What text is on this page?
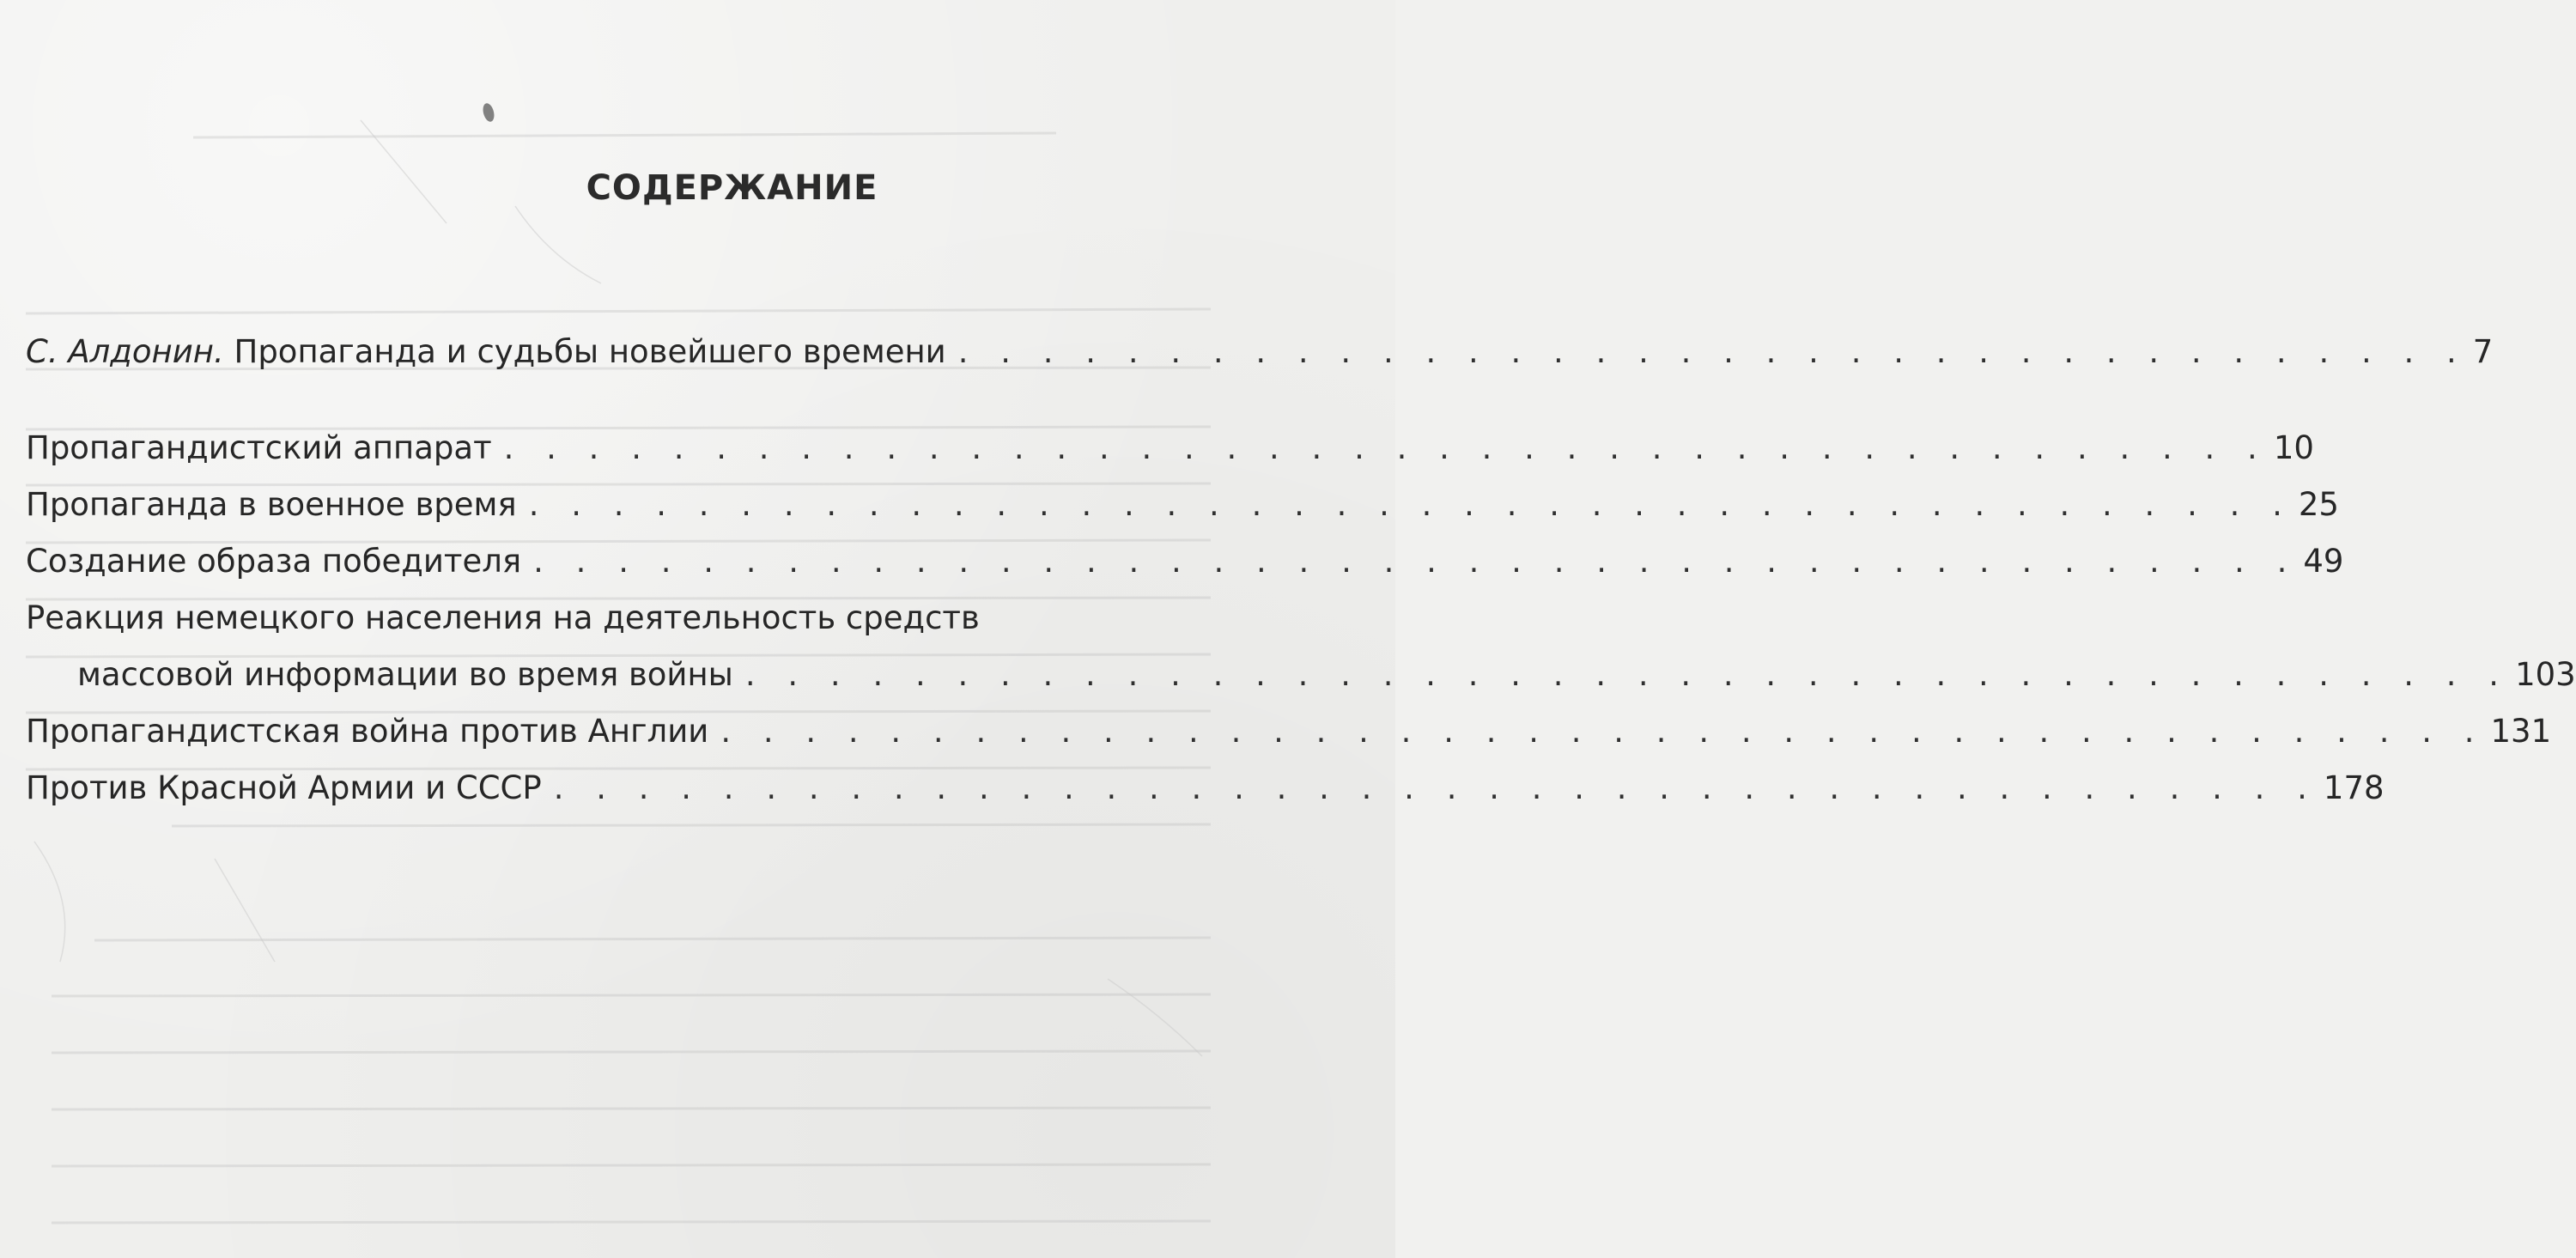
СОДЕРЖАНИЕ
С. Алдонин. Пропаганда и судьбы новейшего времени . . . . . . . . . . . . . . . . . . . . . . . . . . . . . . . . . . . . 7
Пропагандистский аппарат . . . . . . . . . . . . . . . . . . . . . . . . . . . . . . . . . . . . . . . . . . 10
Пропаганда в военное время . . . . . . . . . . . . . . . . . . . . . . . . . . . . . . . . . . . . . . . . . . 25
Создание образа победителя . . . . . . . . . . . . . . . . . . . . . . . . . . . . . . . . . . . . . . . . . . 49
Реакция немецкого населения на деятельность средств
массовой информации во время войны . . . . . . . . . . . . . . . . . . . . . . . . . . . . . . . . . . . . . . . . . . 103
Пропагандистская война против Англии . . . . . . . . . . . . . . . . . . . . . . . . . . . . . . . . . . . . . . . . . . 131
Против Красной Армии и СССР . . . . . . . . . . . . . . . . . . . . . . . . . . . . . . . . . . . . . . . . . . 178
